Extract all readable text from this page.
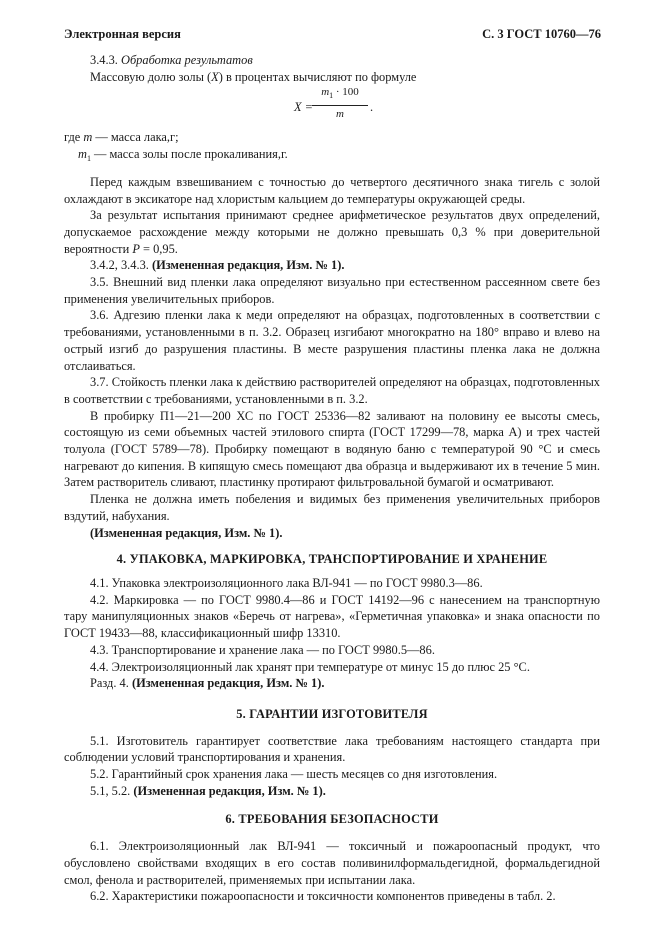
Электронная версия	С. 3 ГОСТ 10760—76

3.4.3. Обработка результатов

Массовую долю золы (X) в процентах вычисляют по формуле

X =
$\frac{m_1 \cdot 100}{m}$ .

где m — масса лака,г;

$m_1$ — масса золы после прокаливания,г.

Перед каждым взвешиванием с точностью до четвертого десятичного знака тигель с золой охлаждают в эксикаторе над хлористым кальцием до температуры окружающей среды.

За результат испытания принимают среднее арифметическое результатов двух определений, допускаемое расхождение между которыми не должно превышать 0,3 % при доверительной вероятности P = 0,95.

3.4.2, 3.4.3. (Измененная редакция, Изм. № 1).

3.5. Внешний вид пленки лака определяют визуально при естественном рассеянном свете без применения увеличительных приборов.

3.6. Адгезию пленки лака к меди определяют на образцах, подготовленных в соответствии с требованиями, установленными в п. 3.2. Образец изгибают многократно на 180° вправо и влево на острый изгиб до разрушения пластины. В месте разрушения пластины пленка лака не должна отслаиваться.

3.7. Стойкость пленки лака к действию растворителей определяют на образцах, подготовленных в соответствии с требованиями, установленными в п. 3.2.

В пробирку П1—21—200 ХС по ГОСТ 25336—82 заливают на половину ее высоты смесь, состоящую из семи объемных частей этилового спирта (ГОСТ 17299—78, марка А) и трех частей толуола (ГОСТ 5789—78). Пробирку помещают в водяную баню с температурой 90 °С и смесь нагревают до кипения. В кипящую смесь помещают два образца и выдерживают их в течение 5 мин. Затем растворитель сливают, пластинку протирают фильтровальной бумагой и осматривают.

Пленка не должна иметь побеления и видимых без применения увеличительных приборов вздутий, набухания.

(Измененная редакция, Изм. № 1).

4. УПАКОВКА, МАРКИРОВКА, ТРАНСПОРТИРОВАНИЕ И ХРАНЕНИЕ

4.1. Упаковка электроизоляционного лака ВЛ-941 — по ГОСТ 9980.3—86.

4.2. Маркировка — по ГОСТ 9980.4—86 и ГОСТ 14192—96 с нанесением на транспортную тару манипуляционных знаков «Беречь от нагрева», «Герметичная упаковка» и знака опасности по ГОСТ 19433—88, классификационный шифр 13310.

4.3. Транспортирование и хранение лака — по ГОСТ 9980.5—86.

4.4. Электроизоляционный лак хранят при температуре от минус 15 до плюс 25 °С.

Разд. 4. (Измененная редакция, Изм. № 1).

5. ГАРАНТИИ ИЗГОТОВИТЕЛЯ

5.1. Изготовитель гарантирует соответствие лака требованиям настоящего стандарта при соблюдении условий транспортирования и хранения.

5.2. Гарантийный срок хранения лака — шесть месяцев со дня изготовления.

5.1, 5.2. (Измененная редакция, Изм. № 1).

6. ТРЕБОВАНИЯ БЕЗОПАСНОСТИ

6.1. Электроизоляционный лак ВЛ-941 — токсичный и пожароопасный продукт, что обусловлено свойствами входящих в его состав поливинилформальдегидной, формальдегидной смол, фенола и растворителей, применяемых при испытании лака.

6.2. Характеристики пожароопасности и токсичности компонентов приведены в табл. 2.
